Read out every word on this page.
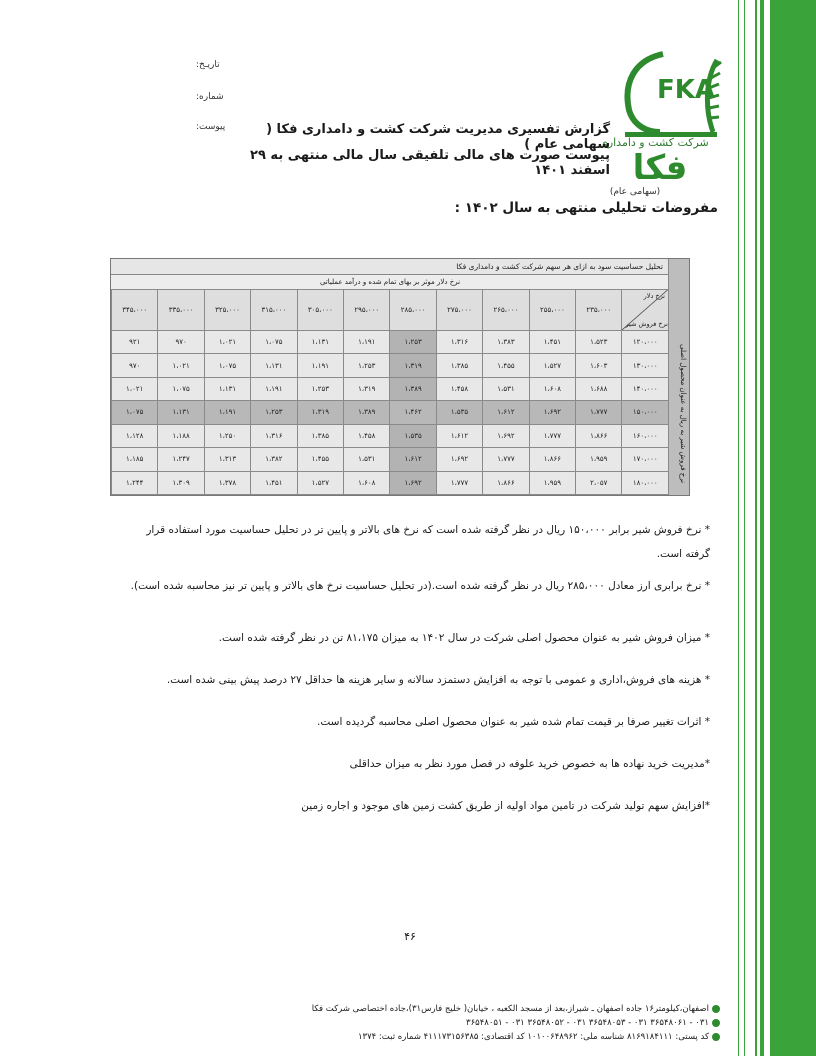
FKA
شرکت کشت و دامداری
فکا
(سهامی عام)
تاریـخ:
شماره:
پیوست:	گزارش تفسیری مدیریت شرکت کشت و دامداری فکا ( سهامی عام )
پیوست صورت های مالی تلفیقی سال مالی منتهی به ۲۹ اسفند ۱۴۰۱
مفروضات تحلیلی منتهی به سال ۱۴۰۲ :
تحلیل حساسیت سود به ازای هر سهم شرکت کشت و دامداری فکا
نرخ دلار موثر بر بهای تمام شده و درآمد عملیاتی
نرخ فروش شیر به ریال به عنوان محصول اصلی
۳۴۵،۰۰۰	۳۳۵،۰۰۰	۳۲۵،۰۰۰	۳۱۵،۰۰۰	۳۰۵،۰۰۰	۲۹۵،۰۰۰	۲۸۵،۰۰۰	۲۷۵،۰۰۰	۲۶۵،۰۰۰	۲۵۵،۰۰۰	۲۳۵،۰۰۰	نرخ دلار
نرخ فروش شیر

۹۲۱	۹۷۰	۱،۰۲۱	۱،۰۷۵	۱،۱۳۱	۱،۱۹۱	۱،۲۵۳	۱،۳۱۶	۱،۳۸۳	۱،۴۵۱	۱،۵۲۳	۱۲۰،۰۰۰
۹۷۰	۱،۰۲۱	۱،۰۷۵	۱،۱۳۱	۱،۱۹۱	۱،۲۵۳	۱،۳۱۹	۱،۳۸۵	۱،۴۵۵	۱،۵۲۷	۱،۶۰۳	۱۳۰،۰۰۰
۱،۰۲۱	۱،۰۷۵	۱،۱۳۱	۱،۱۹۱	۱،۲۵۳	۱،۳۱۹	۱،۳۸۹	۱،۴۵۸	۱،۵۳۱	۱،۶۰۸	۱،۶۸۸	۱۴۰،۰۰۰
۱،۰۷۵	۱،۱۳۱	۱،۱۹۱	۱،۲۵۳	۱،۳۱۹	۱،۳۸۹	۱،۴۶۲	۱،۵۳۵	۱،۶۱۲	۱،۶۹۲	۱،۷۷۷	۱۵۰،۰۰۰
۱،۱۲۸	۱،۱۸۸	۱،۲۵۰	۱،۳۱۶	۱،۳۸۵	۱،۴۵۸	۱،۵۳۵	۱،۶۱۲	۱،۶۹۲	۱،۷۷۷	۱،۸۶۶	۱۶۰،۰۰۰
۱،۱۸۵	۱،۲۴۷	۱،۳۱۳	۱،۳۸۲	۱،۴۵۵	۱،۵۳۱	۱،۶۱۲	۱،۶۹۲	۱،۷۷۷	۱،۸۶۶	۱،۹۵۹	۱۷۰،۰۰۰
۱،۲۴۴	۱،۳۰۹	۱،۳۷۸	۱،۴۵۱	۱،۵۲۷	۱،۶۰۸	۱،۶۹۲	۱،۷۷۷	۱،۸۶۶	۱،۹۵۹	۲،۰۵۷	۱۸۰،۰۰۰
* نرخ فروش شیر برابر ۱۵۰،۰۰۰ ریال در نظر گرفته شده است که نرخ های بالاتر و پایین تر در تحلیل حساسیت مورد استفاده قرار گرفته است.
* نرخ برابری ارز معادل ۲۸۵،۰۰۰ ریال در نظر گرفته شده است.(در تحلیل حساسیت نرخ های بالاتر و پایین تر نیز محاسبه شده است).
* میزان فروش شیر به عنوان محصول اصلی شرکت در سال ۱۴۰۲ به میزان ۸۱،۱۷۵ تن در نظر گرفته شده است.
* هزینه های فروش،اداری و عمومی با توجه به افزایش دستمزد سالانه و سایر هزینه ها حداقل ۲۷ درصد پیش بینی شده است.
* اثرات تغییر صرفا بر قیمت تمام شده شیر به عنوان محصول اصلی محاسبه گردیده است.
*مدیریت خرید نهاده ها به خصوص خرید علوفه در فصل مورد نظر به میزان حداقلی
*افزایش سهم تولید شرکت در تامین مواد اولیه از طریق کشت زمین های موجود و اجاره زمین
۴۶
اصفهان،کیلومتر۱۶ جاده اصفهان ـ شیراز،بعد از مسجد الکعبه ، خیابان( خلیج فارس۳۱)،جاده اختصاصی شرکت فکا
۰۳۱ - ۳۶۵۴۸۰۶۱ ۰۳۱ - ۳۶۵۴۸۰۵۳ ۰۳۱ - ۳۶۵۴۸۰۵۲ ۰۳۱ - ۳۶۵۴۸۰۵۱
کد پستی: ۸۱۶۹۱۸۴۱۱۱ شناسه ملی: ۱۰۱۰۰۶۴۸۹۶۲ کد اقتصادی: ۴۱۱۱۷۳۱۵۶۳۸۵ شماره ثبت: ۱۳۷۴
